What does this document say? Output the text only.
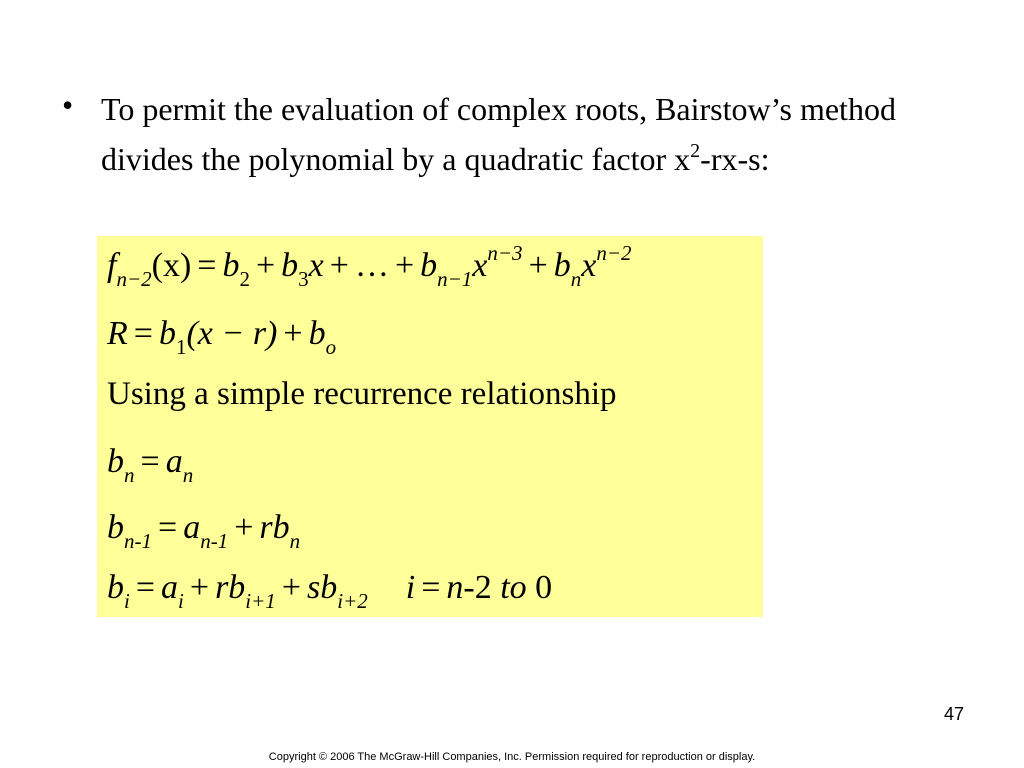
• To permit the evaluation of complex roots, Bairstow’s method divides the polynomial by a quadratic factor $x^2-rx-s$:
$f_{n-2}(x) = b_2 + b_3x$ + … + $b_{n-1}x^{n-3} + b_nx^{n-2}$
$R = b_1(x - r) + b_o$
Using a simple recurrence relationship
$b_n = a_n$
$b_{n-1} = a_{n-1} + rb_n$
$b_i = a_i + rb_{i+1} + sb_{i+2}$ i = n-2 to 0
47
Copyright © 2006 The McGraw-Hill Companies, Inc. Permission required for reproduction or display.
